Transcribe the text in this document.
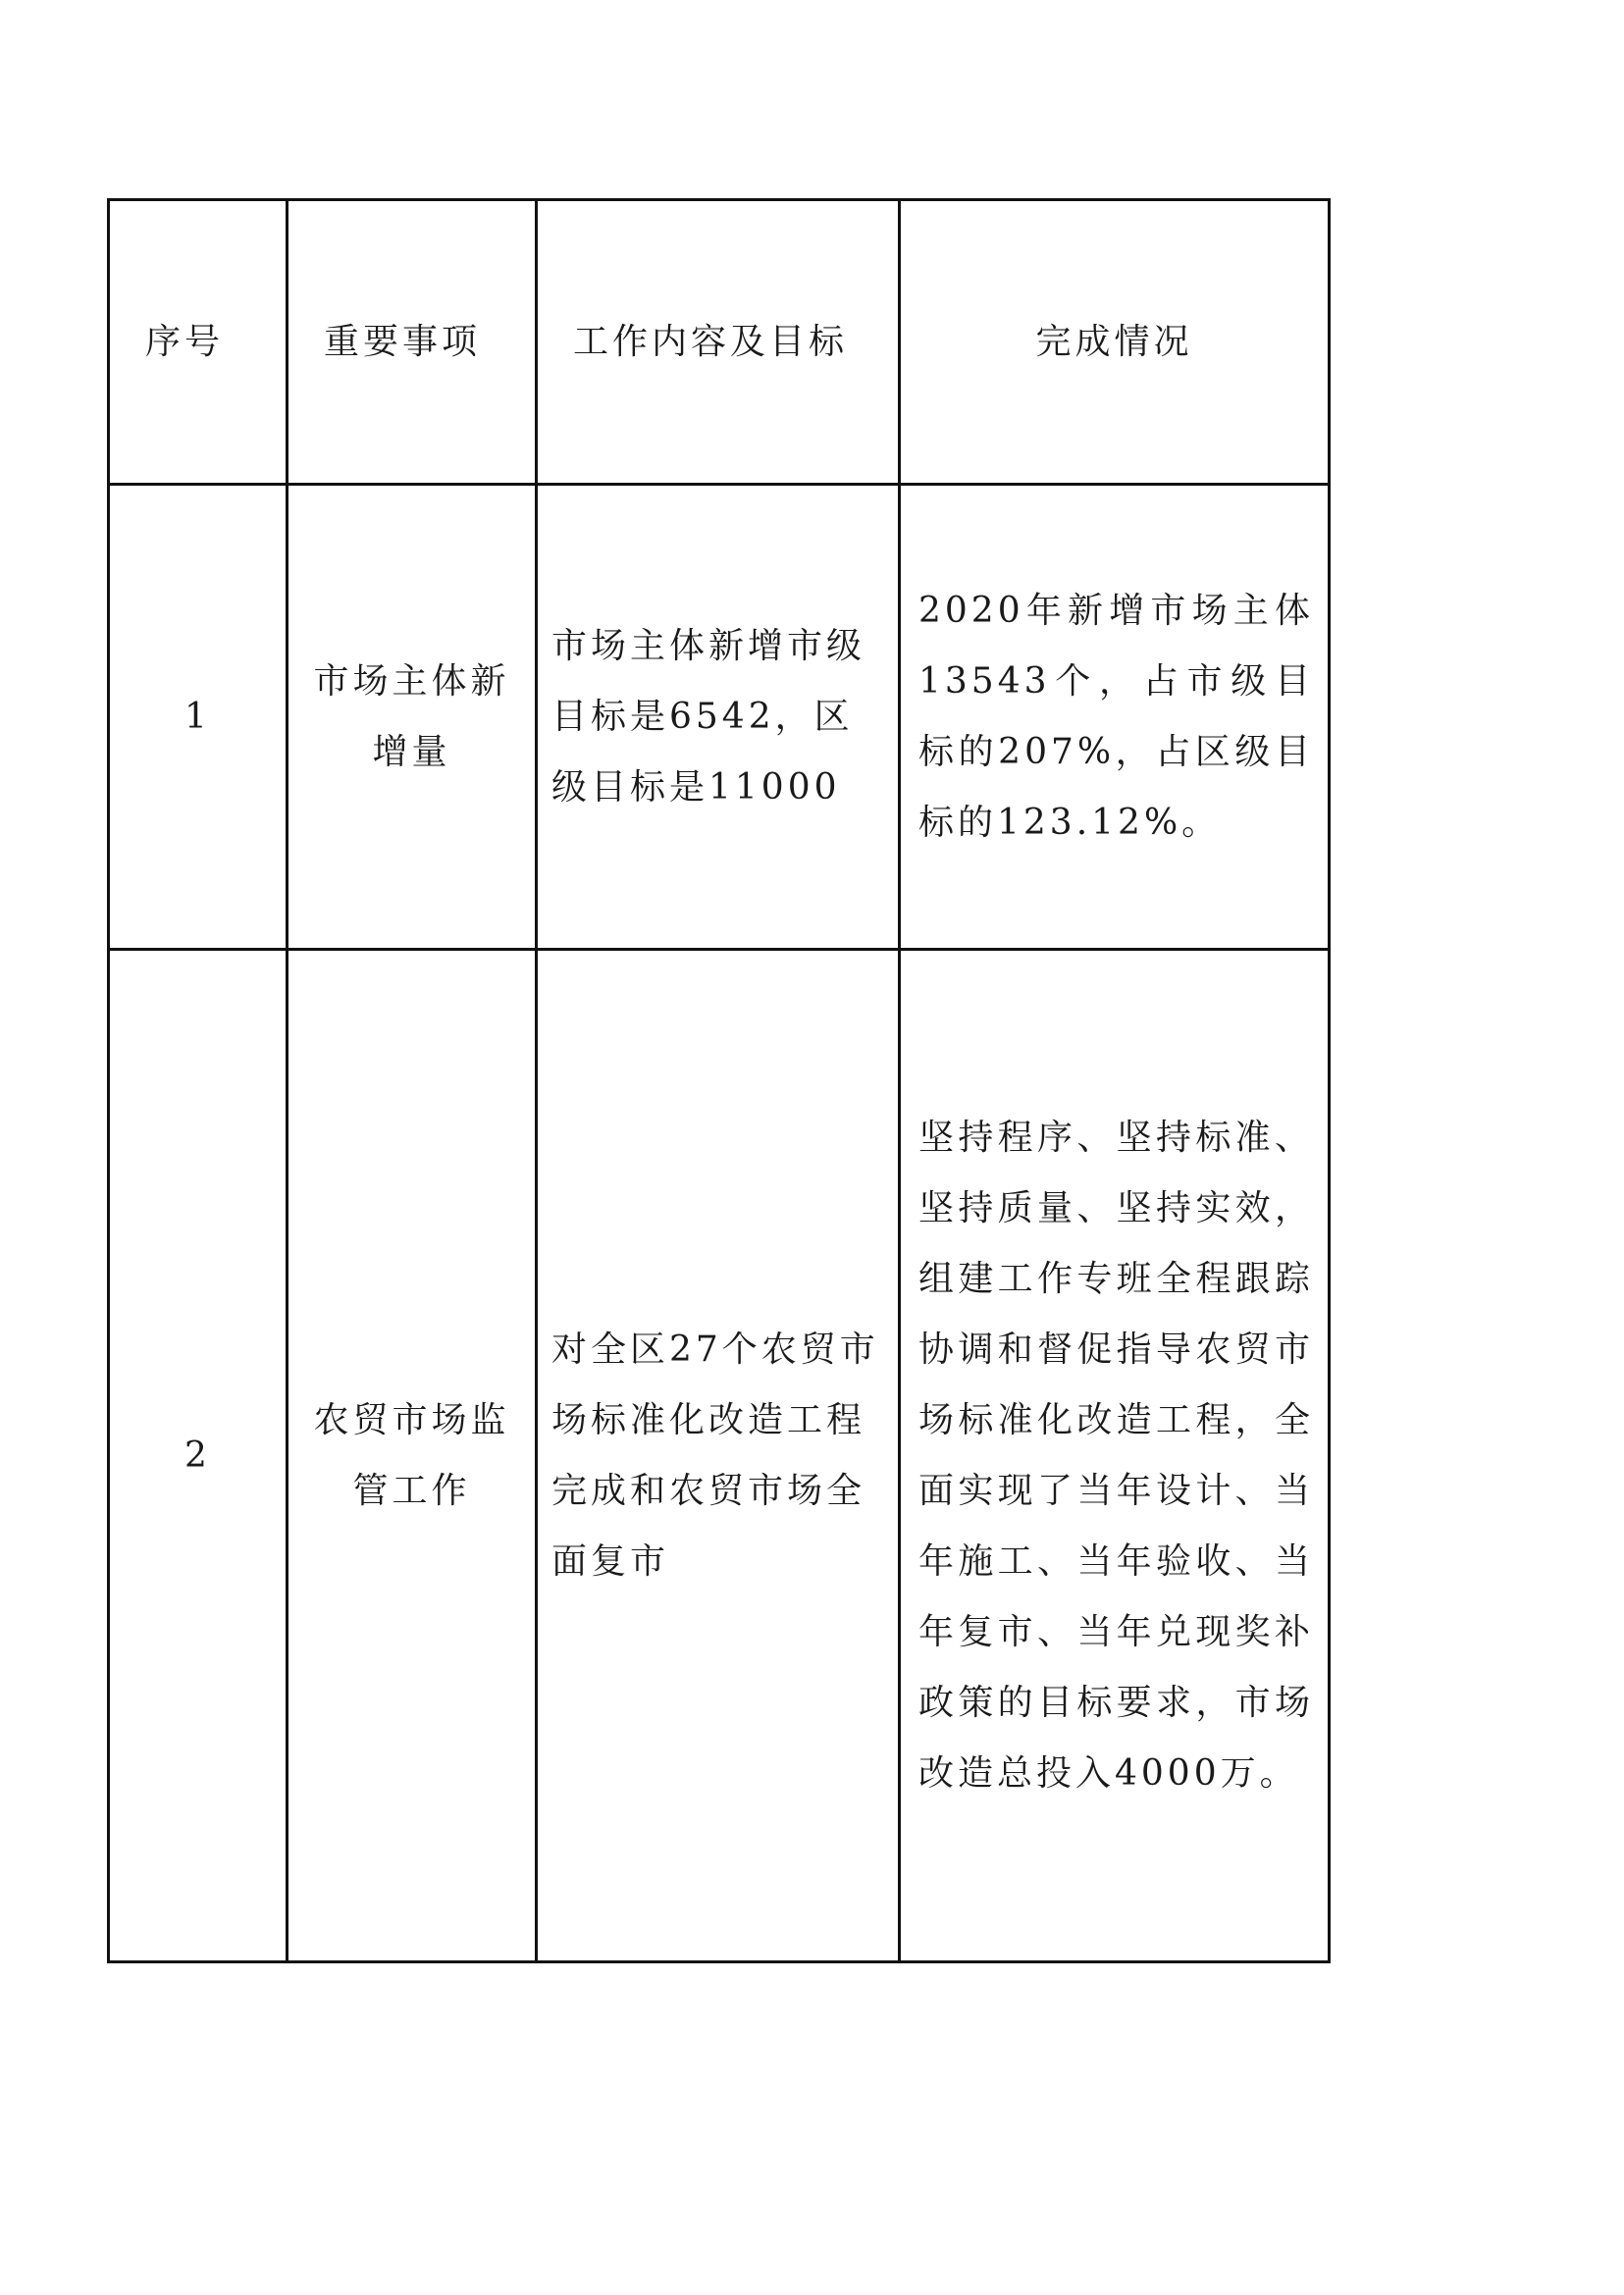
序号	重要事项	工作内容及目标	完成情况

1	市场主体新增量	市场主体新增市级目标是6542，区级目标是11000	2020年新增市场主体13543个，占市级目标的207%，占区级目标的123.12%。

2	农贸市场监管工作	对全区27个农贸市场标准化改造工程完成和农贸市场全面复市	坚持程序、坚持标准、坚持质量、坚持实效，组建工作专班全程跟踪协调和督促指导农贸市场标准化改造工程，全面实现了当年设计、当年施工、当年验收、当年复市、当年兑现奖补政策的目标要求，市场改造总投入4000万。
